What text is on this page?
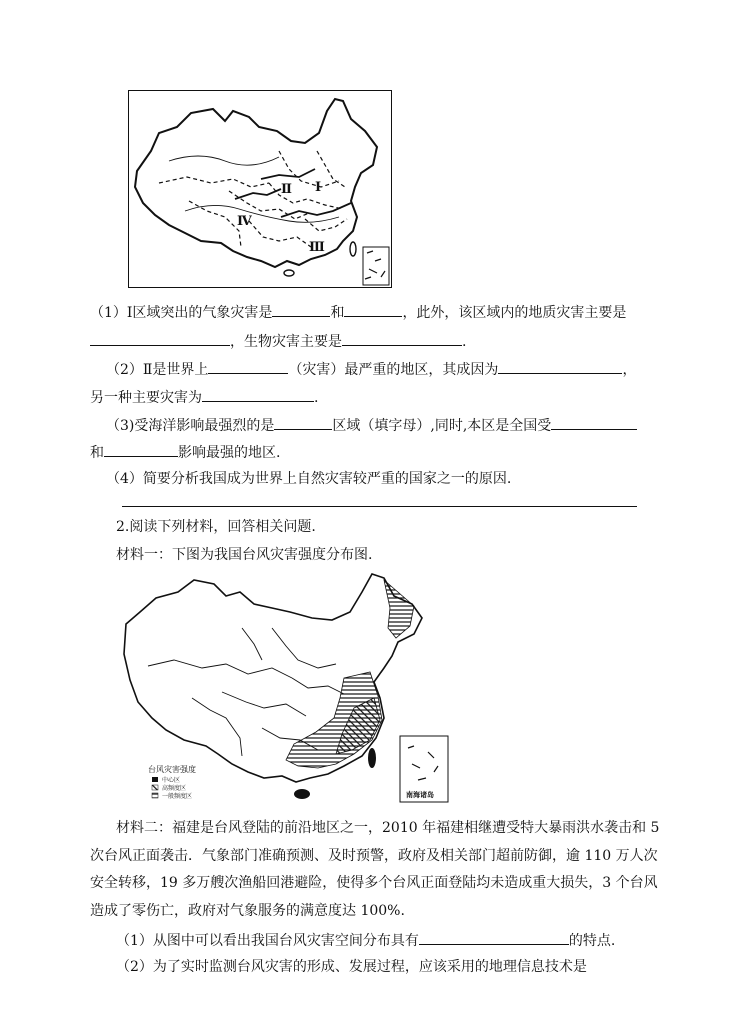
Ⅱ Ⅰ
Ⅳ
Ⅲ
（1）Ⅰ区域突出的气象灾害是	和	，此外，该区域内的地质灾害主要是
，生物灾害主要是	.
（2）Ⅱ是世界上	（灾害）最严重的地区，其成因为	，
另一种主要灾害为	.
（3)受海洋影响最强烈的是	区域（填字母）,同时,本区是全国受
和	影响最强的地区.
（4）简要分析我国成为世界上自然灾害较严重的国家之一的原因.
2.阅读下列材料，回答相关问题.
材料一：下图为我国台风灾害强度分布图.
台风灾害强度
中心区
高频度区
一般频度区	南海诸岛
材料二：福建是台风登陆的前沿地区之一，2010 年福建相继遭受特大暴雨洪水袭击和 5
次台风正面袭击．气象部门准确预测、及时预警，政府及相关部门超前防御，逾 110 万人次
安全转移，19 多万艘次渔船回港避险，使得多个台风正面登陆均未造成重大损失，3 个台风
造成了零伤亡，政府对气象服务的满意度达 100%.
（1）从图中可以看出我国台风灾害空间分布具有	的特点.
（2）为了实时监测台风灾害的形成、发展过程，应该采用的地理信息技术是
